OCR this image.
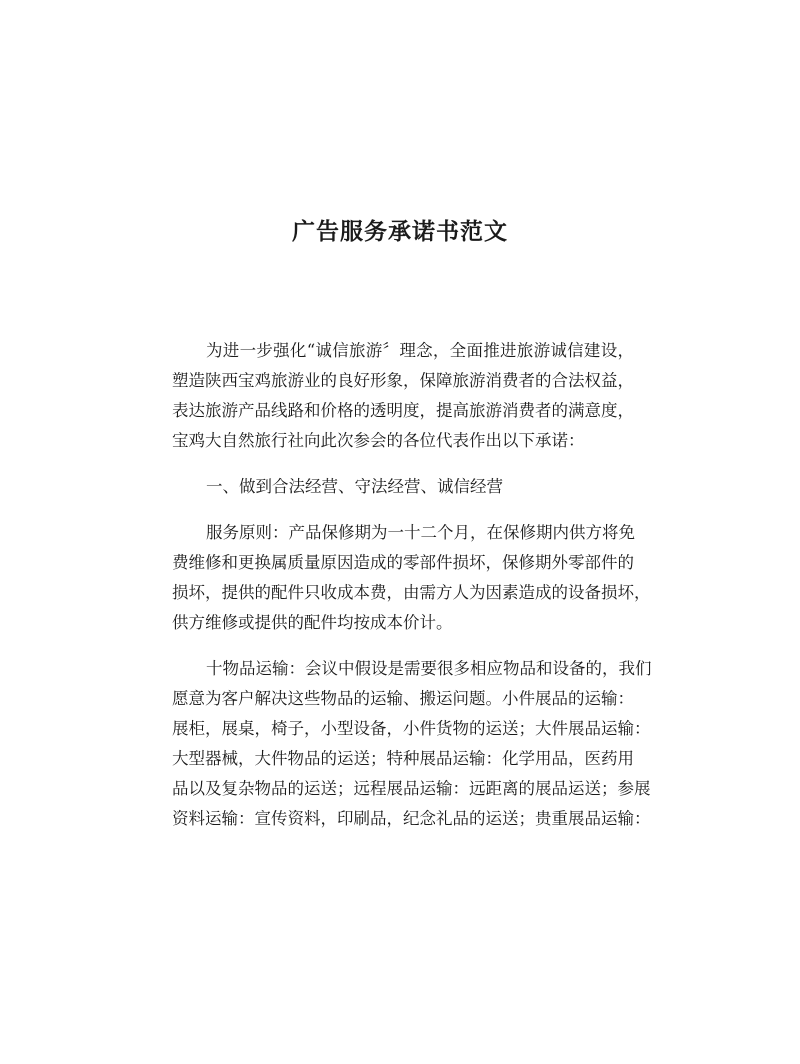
广告服务承诺书范文

为进一步强化“诚信旅游〞理念，全面推进旅游诚信建设，
塑造陕西宝鸡旅游业的良好形象，保障旅游消费者的合法权益，
表达旅游产品线路和价格的透明度，提高旅游消费者的满意度，
宝鸡大自然旅行社向此次参会的各位代表作出以下承诺：

一、做到合法经营、守法经营、诚信经营

服务原则：产品保修期为一十二个月，在保修期内供方将免
费维修和更换属质量原因造成的零部件损坏，保修期外零部件的
损坏，提供的配件只收成本费，由需方人为因素造成的设备损坏，
供方维修或提供的配件均按成本价计。

十物品运输：会议中假设是需要很多相应物品和设备的，我们
愿意为客户解决这些物品的运输、搬运问题。小件展品的运输：
展柜，展桌，椅子，小型设备，小件货物的运送；大件展品运输：
大型器械，大件物品的运送；特种展品运输：化学用品，医药用
品以及复杂物品的运送；远程展品运输：远距离的展品运送；参展
资料运输：宣传资料，印刷品，纪念礼品的运送；贵重展品运输：
